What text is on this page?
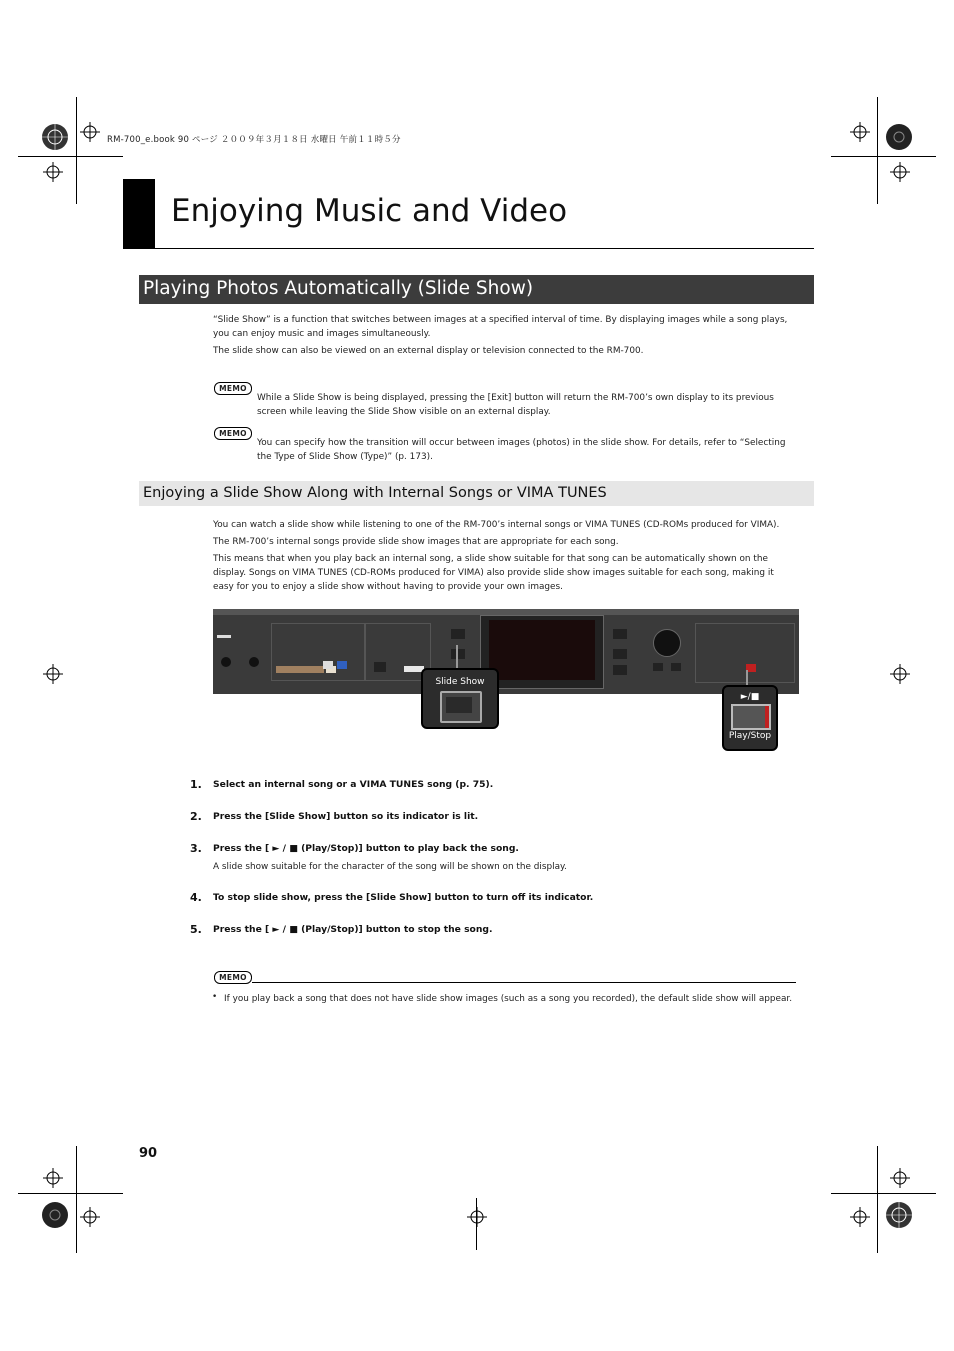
RM-700_e.book 90 ページ ２００９年３月１８日 水曜日 午前１１時５分
Enjoying Music and Video
Playing Photos Automatically (Slide Show)
“Slide Show” is a function that switches between images at a specified interval of time. By displaying images while a song plays, you can enjoy music and images simultaneously.
The slide show can also be viewed on an external display or television connected to the RM-700.
MEMO
While a Slide Show is being displayed, pressing the [Exit] button will return the RM-700’s own display to its previous screen while leaving the Slide Show visible on an external display.
MEMO
You can specify how the transition will occur between images (photos) in the slide show. For details, refer to “Selecting the Type of Slide Show (Type)” (p. 173).
Enjoying a Slide Show Along with Internal Songs or VIMA TUNES
You can watch a slide show while listening to one of the RM-700’s internal songs or VIMA TUNES (CD-ROMs produced for VIMA).
The RM-700’s internal songs provide slide show images that are appropriate for each song.
This means that when you play back an internal song, a slide show suitable for that song can be automatically shown on the display. Songs on VIMA TUNES (CD-ROMs produced for VIMA) also provide slide show images suitable for each song, making it easy for you to enjoy a slide show without having to provide your own images.
Slide Show
►/■
Play/Stop
1. Select an internal song or a VIMA TUNES song (p. 75).
2. Press the [Slide Show] button so its indicator is lit.
3. Press the [ ► / ■ (Play/Stop)] button to play back the song.
A slide show suitable for the character of the song will be shown on the display.
4. To stop slide show, press the [Slide Show] button to turn off its indicator.
5. Press the [ ► / ■ (Play/Stop)] button to stop the song.
MEMO
• If you play back a song that does not have slide show images (such as a song you recorded), the default slide show will appear.
90
